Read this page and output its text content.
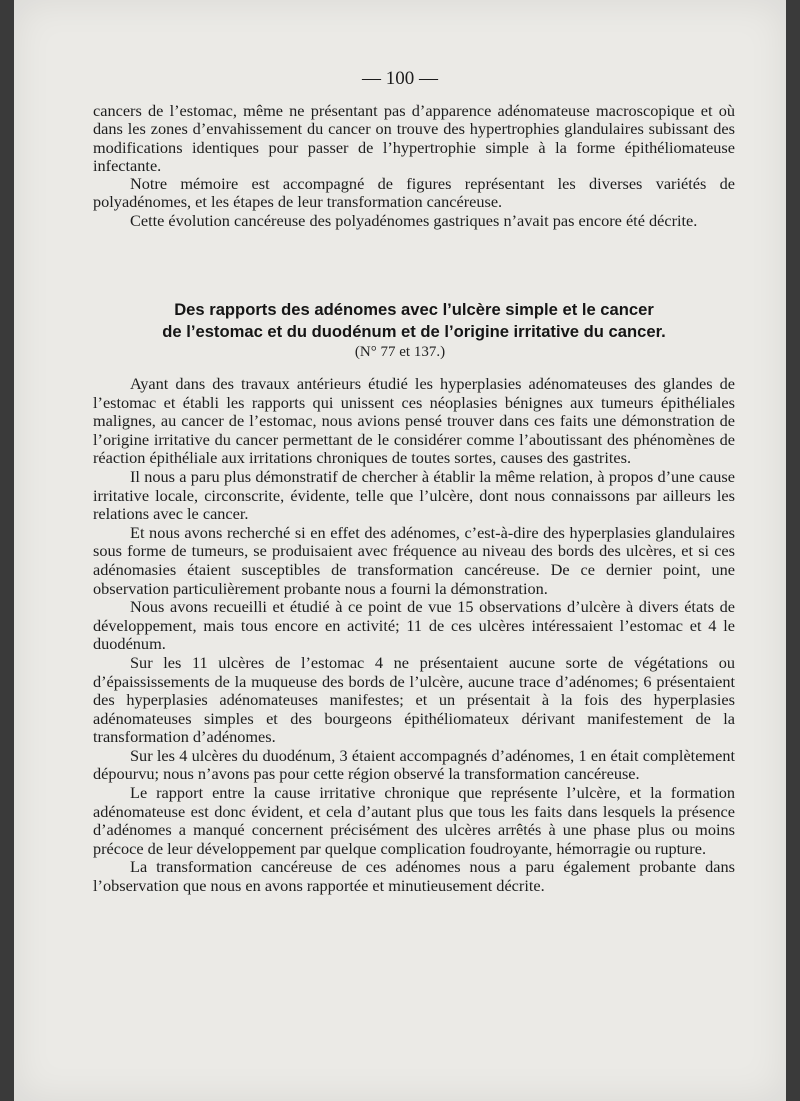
— 100 —

cancers de l’estomac, même ne présentant pas d’apparence adénomateuse macroscopique et où dans les zones d’envahissement du cancer on trouve des hypertrophies glandulaires subissant des modifications identiques pour passer de l’hypertrophie simple à la forme épithéliomateuse infectante.

Notre mémoire est accompagné de figures représentant les diverses variétés de polyadénomes, et les étapes de leur transformation cancéreuse.

Cette évolution cancéreuse des polyadénomes gastriques n’avait pas encore été décrite.

Des rapports des adénomes avec l’ulcère simple et le cancer
de l’estomac et du duodénum et de l’origine irritative du cancer.
(N° 77 et 137.)

Ayant dans des travaux antérieurs étudié les hyperplasies adénomateuses des glandes de l’estomac et établi les rapports qui unissent ces néoplasies bénignes aux tumeurs épithéliales malignes, au cancer de l’estomac, nous avions pensé trouver dans ces faits une démonstration de l’origine irritative du cancer permettant de le considérer comme l’aboutissant des phénomènes de réaction épithéliale aux irritations chroniques de toutes sortes, causes des gastrites.

Il nous a paru plus démonstratif de chercher à établir la même relation, à propos d’une cause irritative locale, circonscrite, évidente, telle que l’ulcère, dont nous connaissons par ailleurs les relations avec le cancer.

Et nous avons recherché si en effet des adénomes, c’est-à-dire des hyperplasies glandulaires sous forme de tumeurs, se produisaient avec fréquence au niveau des bords des ulcères, et si ces adénomasies étaient susceptibles de transformation cancéreuse. De ce dernier point, une observation particulièrement probante nous a fourni la démonstration.

Nous avons recueilli et étudié à ce point de vue 15 observations d’ulcère à divers états de développement, mais tous encore en activité; 11 de ces ulcères intéressaient l’estomac et 4 le duodénum.

Sur les 11 ulcères de l’estomac 4 ne présentaient aucune sorte de végétations ou d’épaississements de la muqueuse des bords de l’ulcère, aucune trace d’adénomes; 6 présentaient des hyperplasies adénomateuses manifestes; et un présentait à la fois des hyperplasies adénomateuses simples et des bourgeons épithéliomateux dérivant manifestement de la transformation d’adénomes.

Sur les 4 ulcères du duodénum, 3 étaient accompagnés d’adénomes, 1 en était complètement dépourvu; nous n’avons pas pour cette région observé la transformation cancéreuse.

Le rapport entre la cause irritative chronique que représente l’ulcère, et la formation adénomateuse est donc évident, et cela d’autant plus que tous les faits dans lesquels la présence d’adénomes a manqué concernent précisément des ulcères arrêtés à une phase plus ou moins précoce de leur développement par quelque complication foudroyante, hémorragie ou rupture.

La transformation cancéreuse de ces adénomes nous a paru également probante dans l’observation que nous en avons rapportée et minutieusement décrite.
